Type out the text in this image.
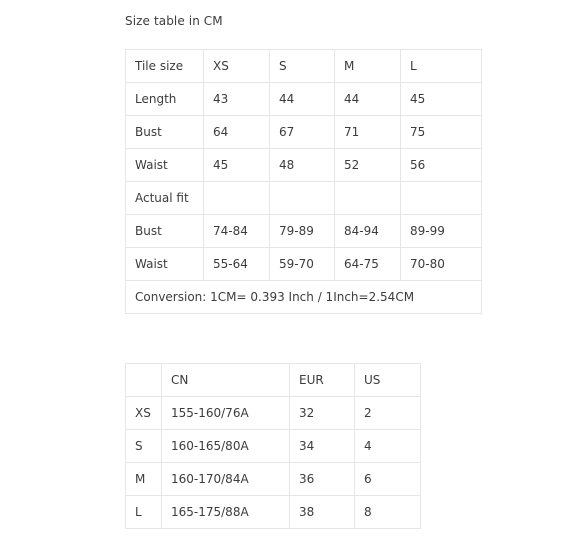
Size table in CM
Tile size	XS	S	M	L
Length	43	44	44	45
Bust	64	67	71	75
Waist	45	48	52	56
Actual fit				
Bust	74-84	79-89	84-94	89-99
Waist	55-64	59-70	64-75	70-80
Conversion: 1CM= 0.393 Inch / 1Inch=2.54CM				
	CN	EUR	US
XS	155-160/76A	32	2
S	160-165/80A	34	4
M	160-170/84A	36	6
L	165-175/88A	38	8
